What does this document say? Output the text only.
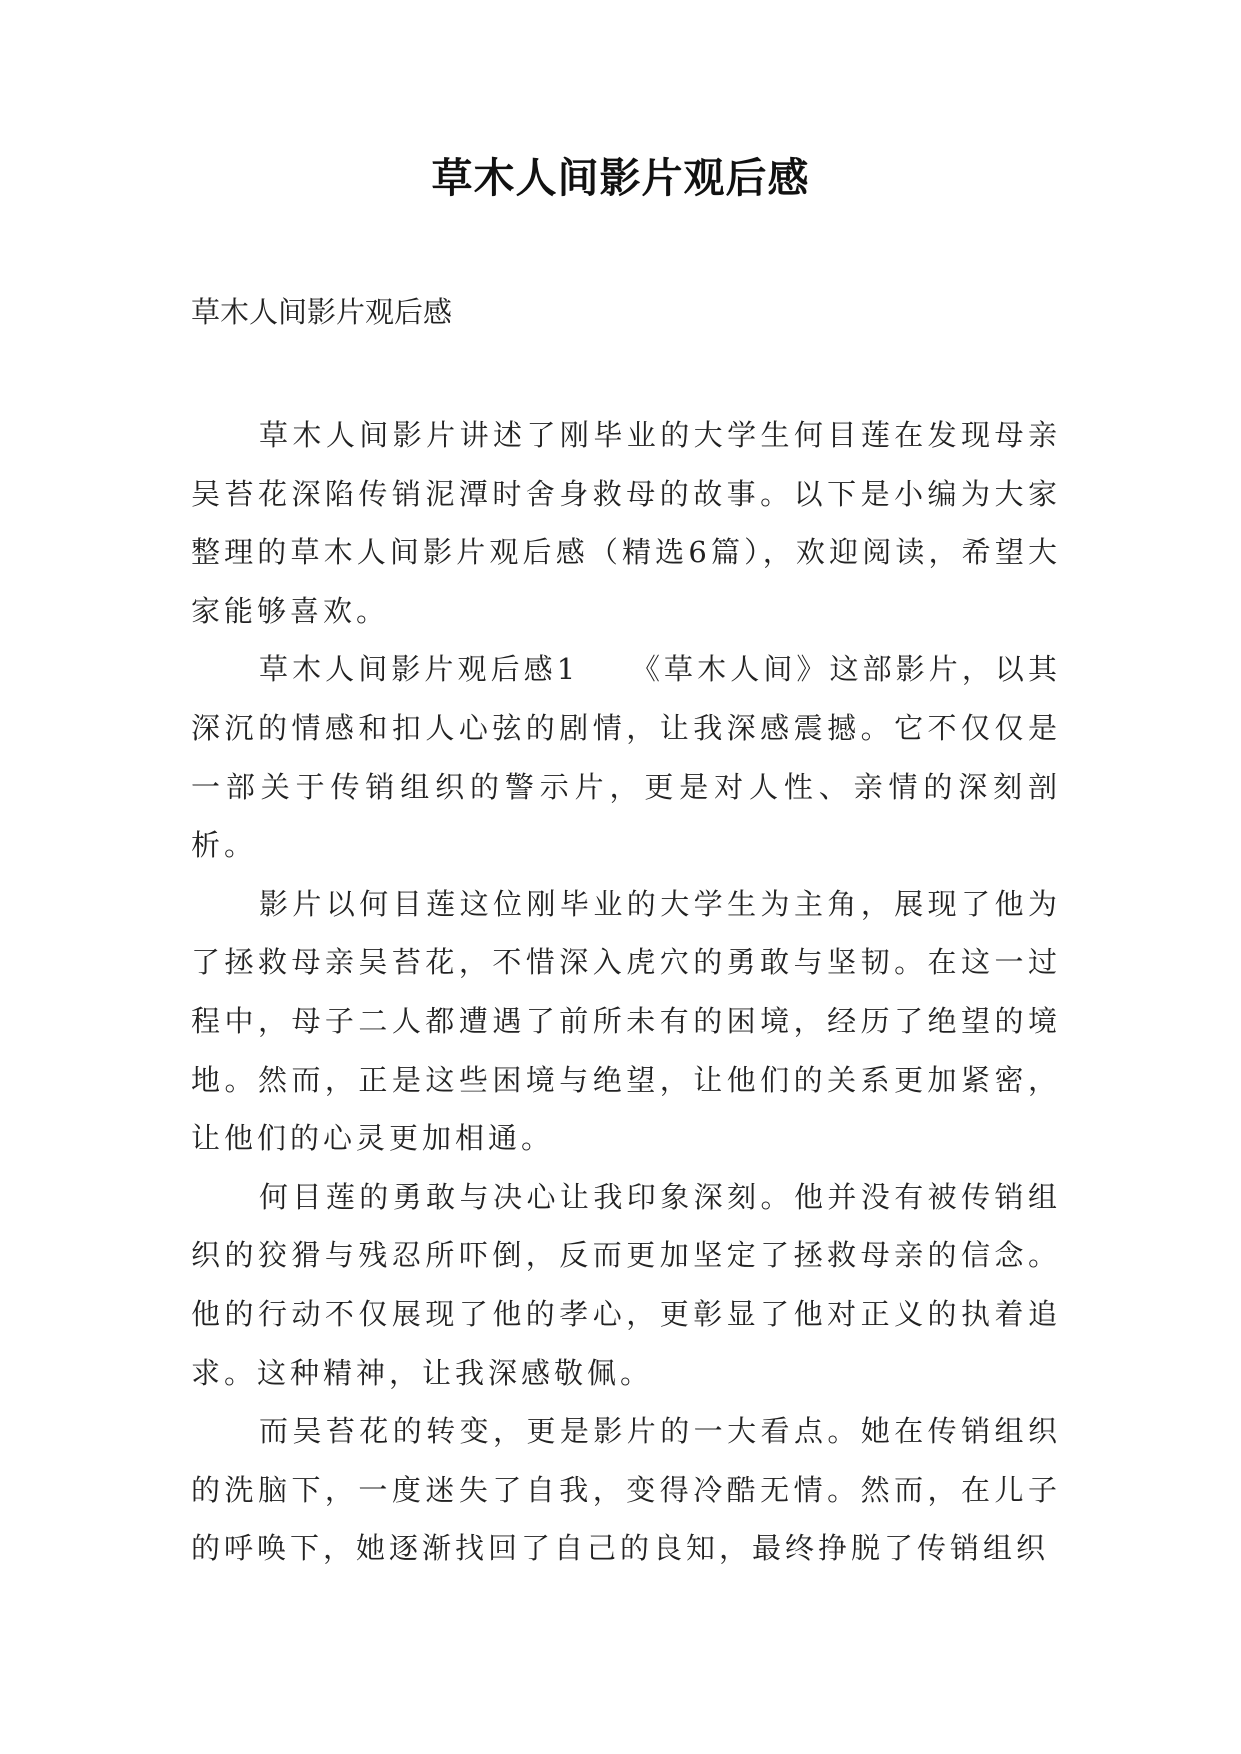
草木人间影片观后感
草木人间影片观后感

草木人间影片讲述了刚毕业的大学生何目莲在发现母亲吴苔花深陷传销泥潭时舍身救母的故事。以下是小编为大家整理的草木人间影片观后感（精选6篇），欢迎阅读，希望大家能够喜欢。

草木人间影片观后感1　　《草木人间》这部影片，以其深沉的情感和扣人心弦的剧情，让我深感震撼。它不仅仅是一部关于传销组织的警示片，更是对人性、亲情的深刻剖析。

影片以何目莲这位刚毕业的大学生为主角，展现了他为了拯救母亲吴苔花，不惜深入虎穴的勇敢与坚韧。在这一过程中，母子二人都遭遇了前所未有的困境，经历了绝望的境地。然而，正是这些困境与绝望，让他们的关系更加紧密，让他们的心灵更加相通。

何目莲的勇敢与决心让我印象深刻。他并没有被传销组织的狡猾与残忍所吓倒，反而更加坚定了拯救母亲的信念。他的行动不仅展现了他的孝心，更彰显了他对正义的执着追求。这种精神，让我深感敬佩。

而吴苔花的转变，更是影片的一大看点。她在传销组织的洗脑下，一度迷失了自我，变得冷酷无情。然而，在儿子的呼唤下，她逐渐找回了自己的良知，最终挣脱了传销组织
